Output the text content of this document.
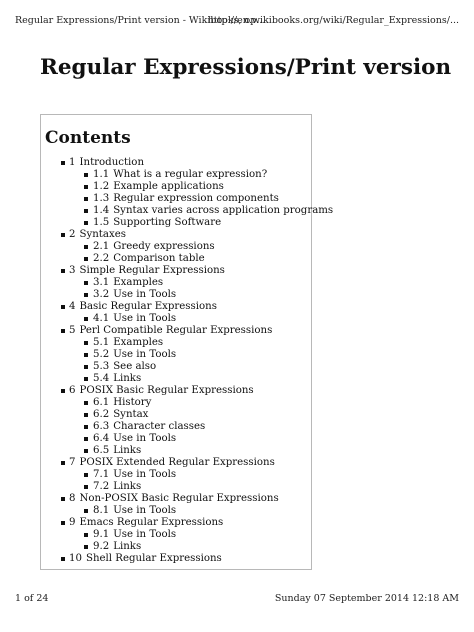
Regular Expressions/Print version - Wikibooks, op...
http://en.wikibooks.org/wiki/Regular_Expressions/...
Regular Expressions/Print version
Contents
1 Introduction
1.1 What is a regular expression?
1.2 Example applications
1.3 Regular expression components
1.4 Syntax varies across application programs
1.5 Supporting Software
2 Syntaxes
2.1 Greedy expressions
2.2 Comparison table
3 Simple Regular Expressions
3.1 Examples
3.2 Use in Tools
4 Basic Regular Expressions
4.1 Use in Tools
5 Perl Compatible Regular Expressions
5.1 Examples
5.2 Use in Tools
5.3 See also
5.4 Links
6 POSIX Basic Regular Expressions
6.1 History
6.2 Syntax
6.3 Character classes
6.4 Use in Tools
6.5 Links
7 POSIX Extended Regular Expressions
7.1 Use in Tools
7.2 Links
8 Non-POSIX Basic Regular Expressions
8.1 Use in Tools
9 Emacs Regular Expressions
9.1 Use in Tools
9.2 Links
10 Shell Regular Expressions
1 of 24	Sunday 07 September 2014 12:18 AM
